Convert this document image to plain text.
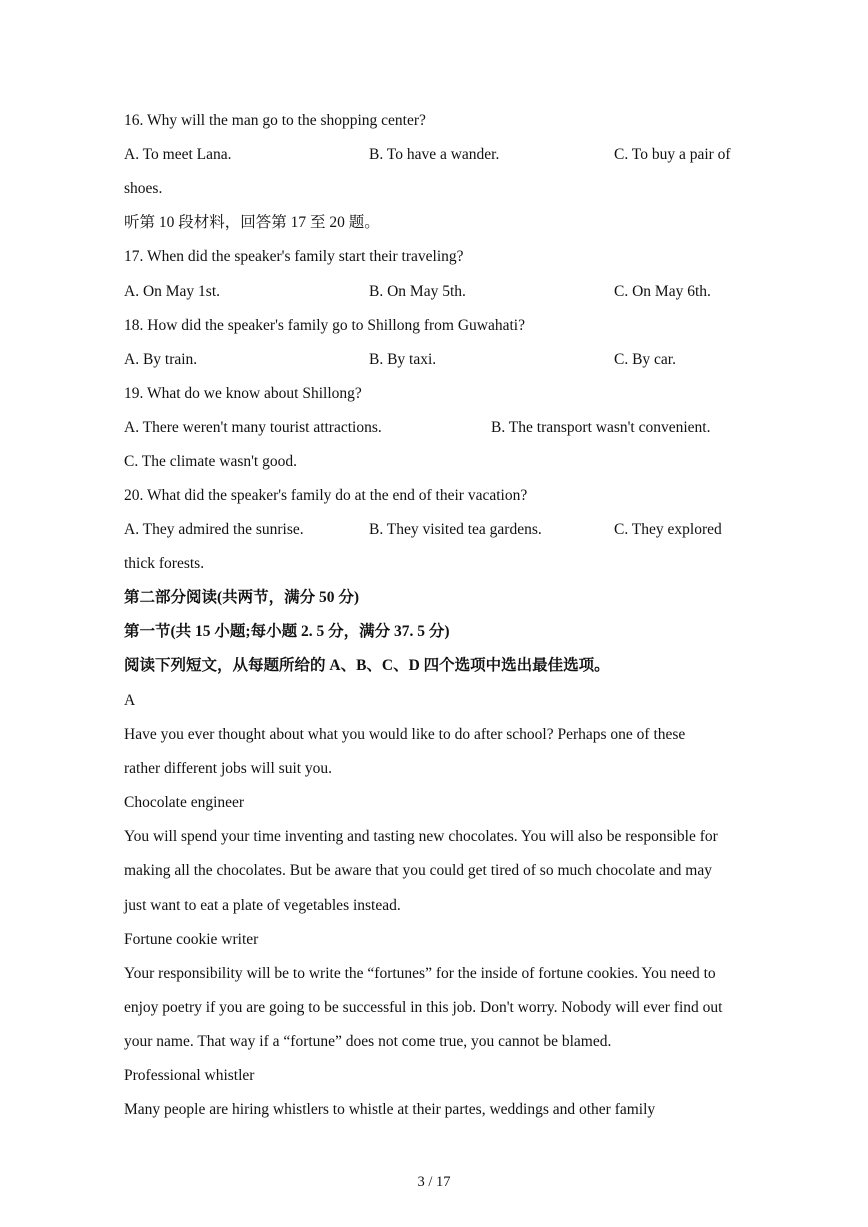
16. Why will the man go to the shopping center?
A. To meet Lana.	B. To have a wander.	C. To buy a pair of
shoes.
听第 10 段材料，回答第 17 至 20 题。
17. When did the speaker's family start their traveling?
A. On May 1st.	B. On May 5th.	C. On May 6th.
18. How did the speaker's family go to Shillong from Guwahati?
A. By train.	B. By taxi.	C. By car.
19. What do we know about Shillong?
A. There weren't many tourist attractions.	B. The transport wasn't convenient.
C. The climate wasn't good.
20. What did the speaker's family do at the end of their vacation?
A. They admired the sunrise.	B. They visited tea gardens.	C. They explored
thick forests.
第二部分阅读(共两节，满分 50 分)
第一节(共 15 小题;每小题 2. 5 分，满分 37. 5 分)
阅读下列短文，从每题所给的 A、B、C、D 四个选项中选出最佳选项。
A
Have you ever thought about what you would like to do after school? Perhaps one of these
rather different jobs will suit you.
Chocolate engineer
You will spend your time inventing and tasting new chocolates. You will also be responsible for
making all the chocolates. But be aware that you could get tired of so much chocolate and may
just want to eat a plate of vegetables instead.
Fortune cookie writer
Your responsibility will be to write the “fortunes” for the inside of fortune cookies. You need to
enjoy poetry if you are going to be successful in this job. Don't worry. Nobody will ever find out
your name. That way if a “fortune” does not come true, you cannot be blamed.
Professional whistler
Many people are hiring whistlers to whistle at their partes, weddings and other family
3 / 17
